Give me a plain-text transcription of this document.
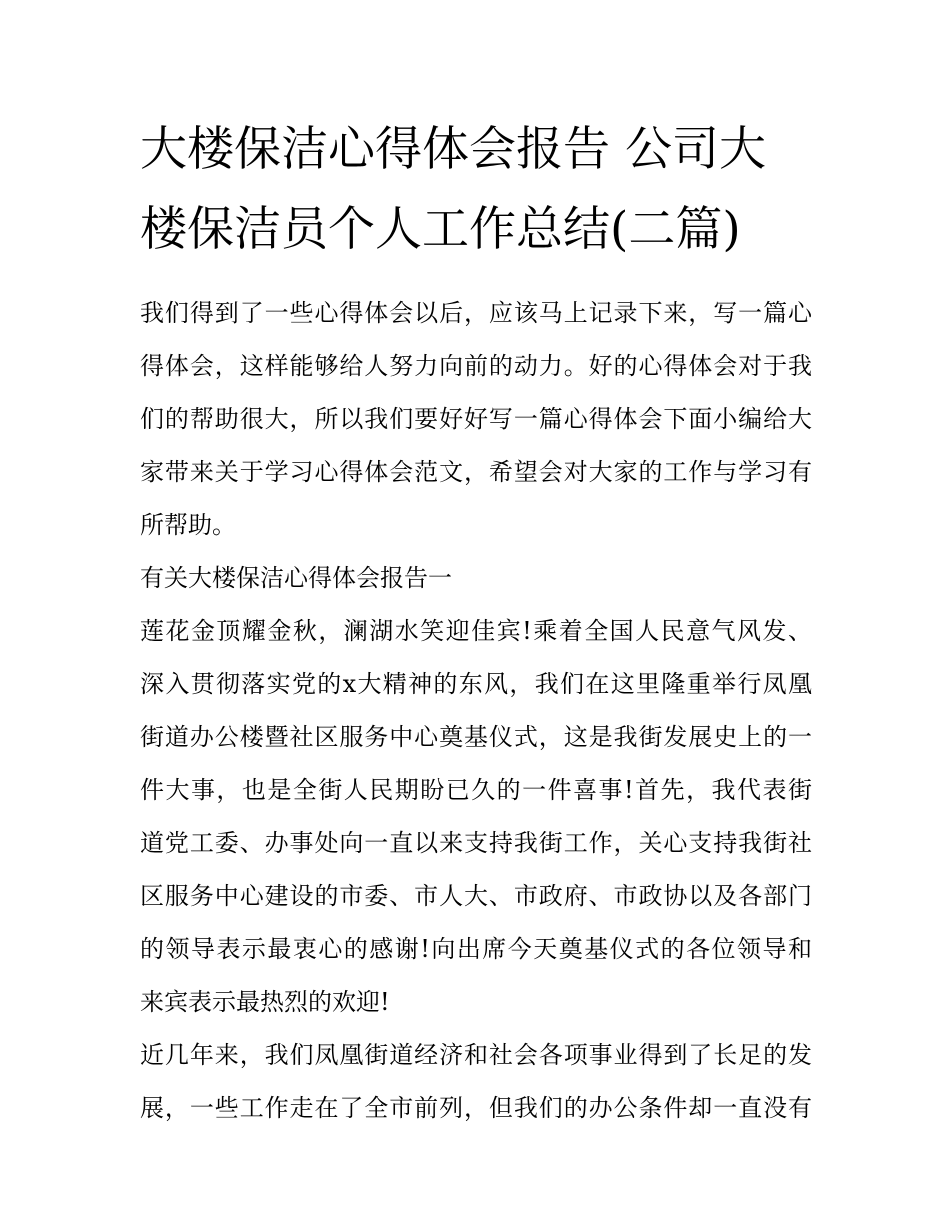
大楼保洁心得体会报告 公司大
楼保洁员个人工作总结(二篇)

我们得到了一些心得体会以后，应该马上记录下来，写一篇心
得体会，这样能够给人努力向前的动力。好的心得体会对于我
们的帮助很大，所以我们要好好写一篇心得体会下面小编给大
家带来关于学习心得体会范文，希望会对大家的工作与学习有
所帮助。

有关大楼保洁心得体会报告一

莲花金顶耀金秋，澜湖水笑迎佳宾!乘着全国人民意气风发、
深入贯彻落实党的x大精神的东风，我们在这里隆重举行凤凰
街道办公楼暨社区服务中心奠基仪式，这是我街发展史上的一
件大事，也是全街人民期盼已久的一件喜事!首先，我代表街
道党工委、办事处向一直以来支持我街工作，关心支持我街社
区服务中心建设的市委、市人大、市政府、市政协以及各部门
的领导表示最衷心的感谢!向出席今天奠基仪式的各位领导和
来宾表示最热烈的欢迎!

近几年来，我们凤凰街道经济和社会各项事业得到了长足的发
展，一些工作走在了全市前列，但我们的办公条件却一直没有
